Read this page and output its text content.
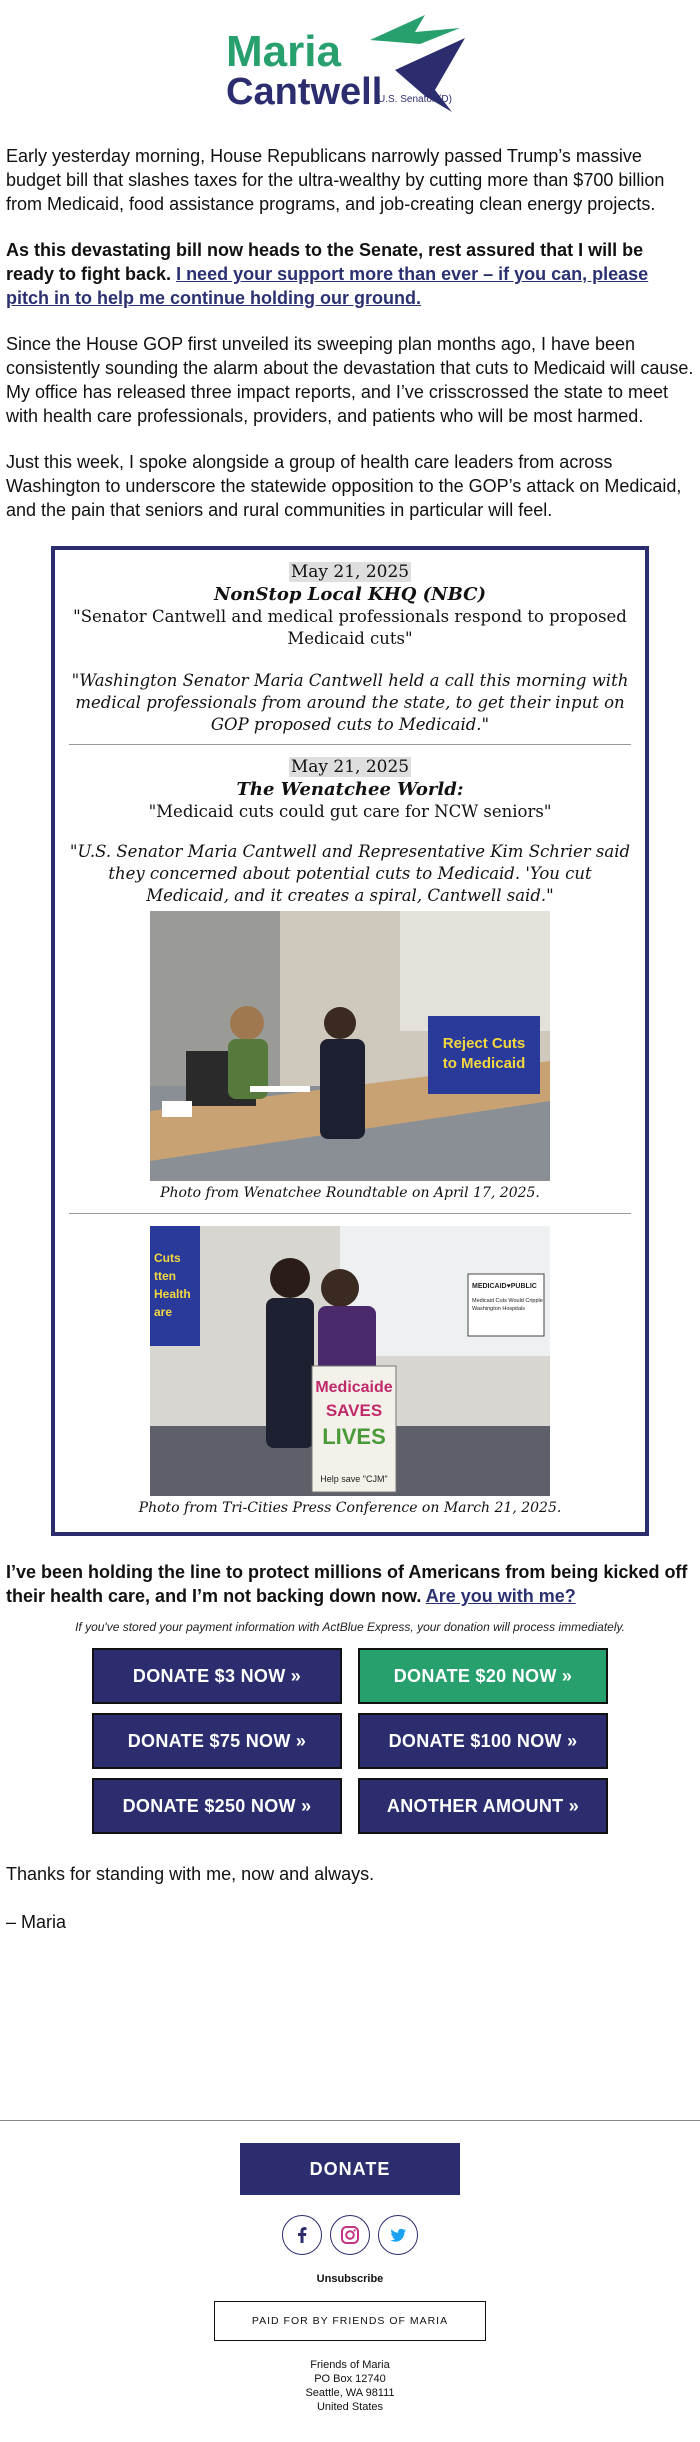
Maria
Cantwell
U.S. Senator (D)

Early yesterday morning, House Republicans narrowly passed Trump’s massive budget bill that slashes taxes for the ultra-wealthy by cutting more than $700 billion from Medicaid, food assistance programs, and job-creating clean energy projects.

As this devastating bill now heads to the Senate, rest assured that I will be ready to fight back. I need your support more than ever – if you can, please pitch in to help me continue holding our ground.

Since the House GOP first unveiled its sweeping plan months ago, I have been consistently sounding the alarm about the devastation that cuts to Medicaid will cause. My office has released three impact reports, and I’ve crisscrossed the state to meet with health care professionals, providers, and patients who will be most harmed.

Just this week, I spoke alongside a group of health care leaders from across Washington to underscore the statewide opposition to the GOP’s attack on Medicaid, and the pain that seniors and rural communities in particular will feel.

May 21, 2025
NonStop Local KHQ (NBC)
"Senator Cantwell and medical professionals respond to proposed Medicaid cuts"
"Washington Senator Maria Cantwell held a call this morning with medical professionals from around the state, to get their input on GOP proposed cuts to Medicaid."
May 21, 2025
The Wenatchee World:
"Medicaid cuts could gut care for NCW seniors"
"U.S. Senator Maria Cantwell and Representative Kim Schrier said they concerned about potential cuts to Medicaid. 'You cut Medicaid, and it creates a spiral, Cantwell said."
Reject Cuts
to Medicaid
Photo from Wenatchee Roundtable on April 17, 2025.
Cuts
tten
Health
are
MEDICAID♥PUBLIC
Medicaid Cuts Would Cripple
Washington Hospitals
Medicaide
SAVES
LIVES
Help save "CJM"
Photo from Tri-Cities Press Conference on March 21, 2025.

I’ve been holding the line to protect millions of Americans from being kicked off their health care, and I’m not backing down now. Are you with me?

If you've stored your payment information with ActBlue Express, your donation will process immediately.

DONATE $3 NOW »	DONATE $20 NOW »
DONATE $75 NOW »	DONATE $100 NOW »
DONATE $250 NOW »	ANOTHER AMOUNT »

Thanks for standing with me, now and always.

– Maria

DONATE
Unsubscribe
PAID FOR BY FRIENDS OF MARIA
Friends of Maria
PO Box 12740
Seattle, WA 98111
United States
